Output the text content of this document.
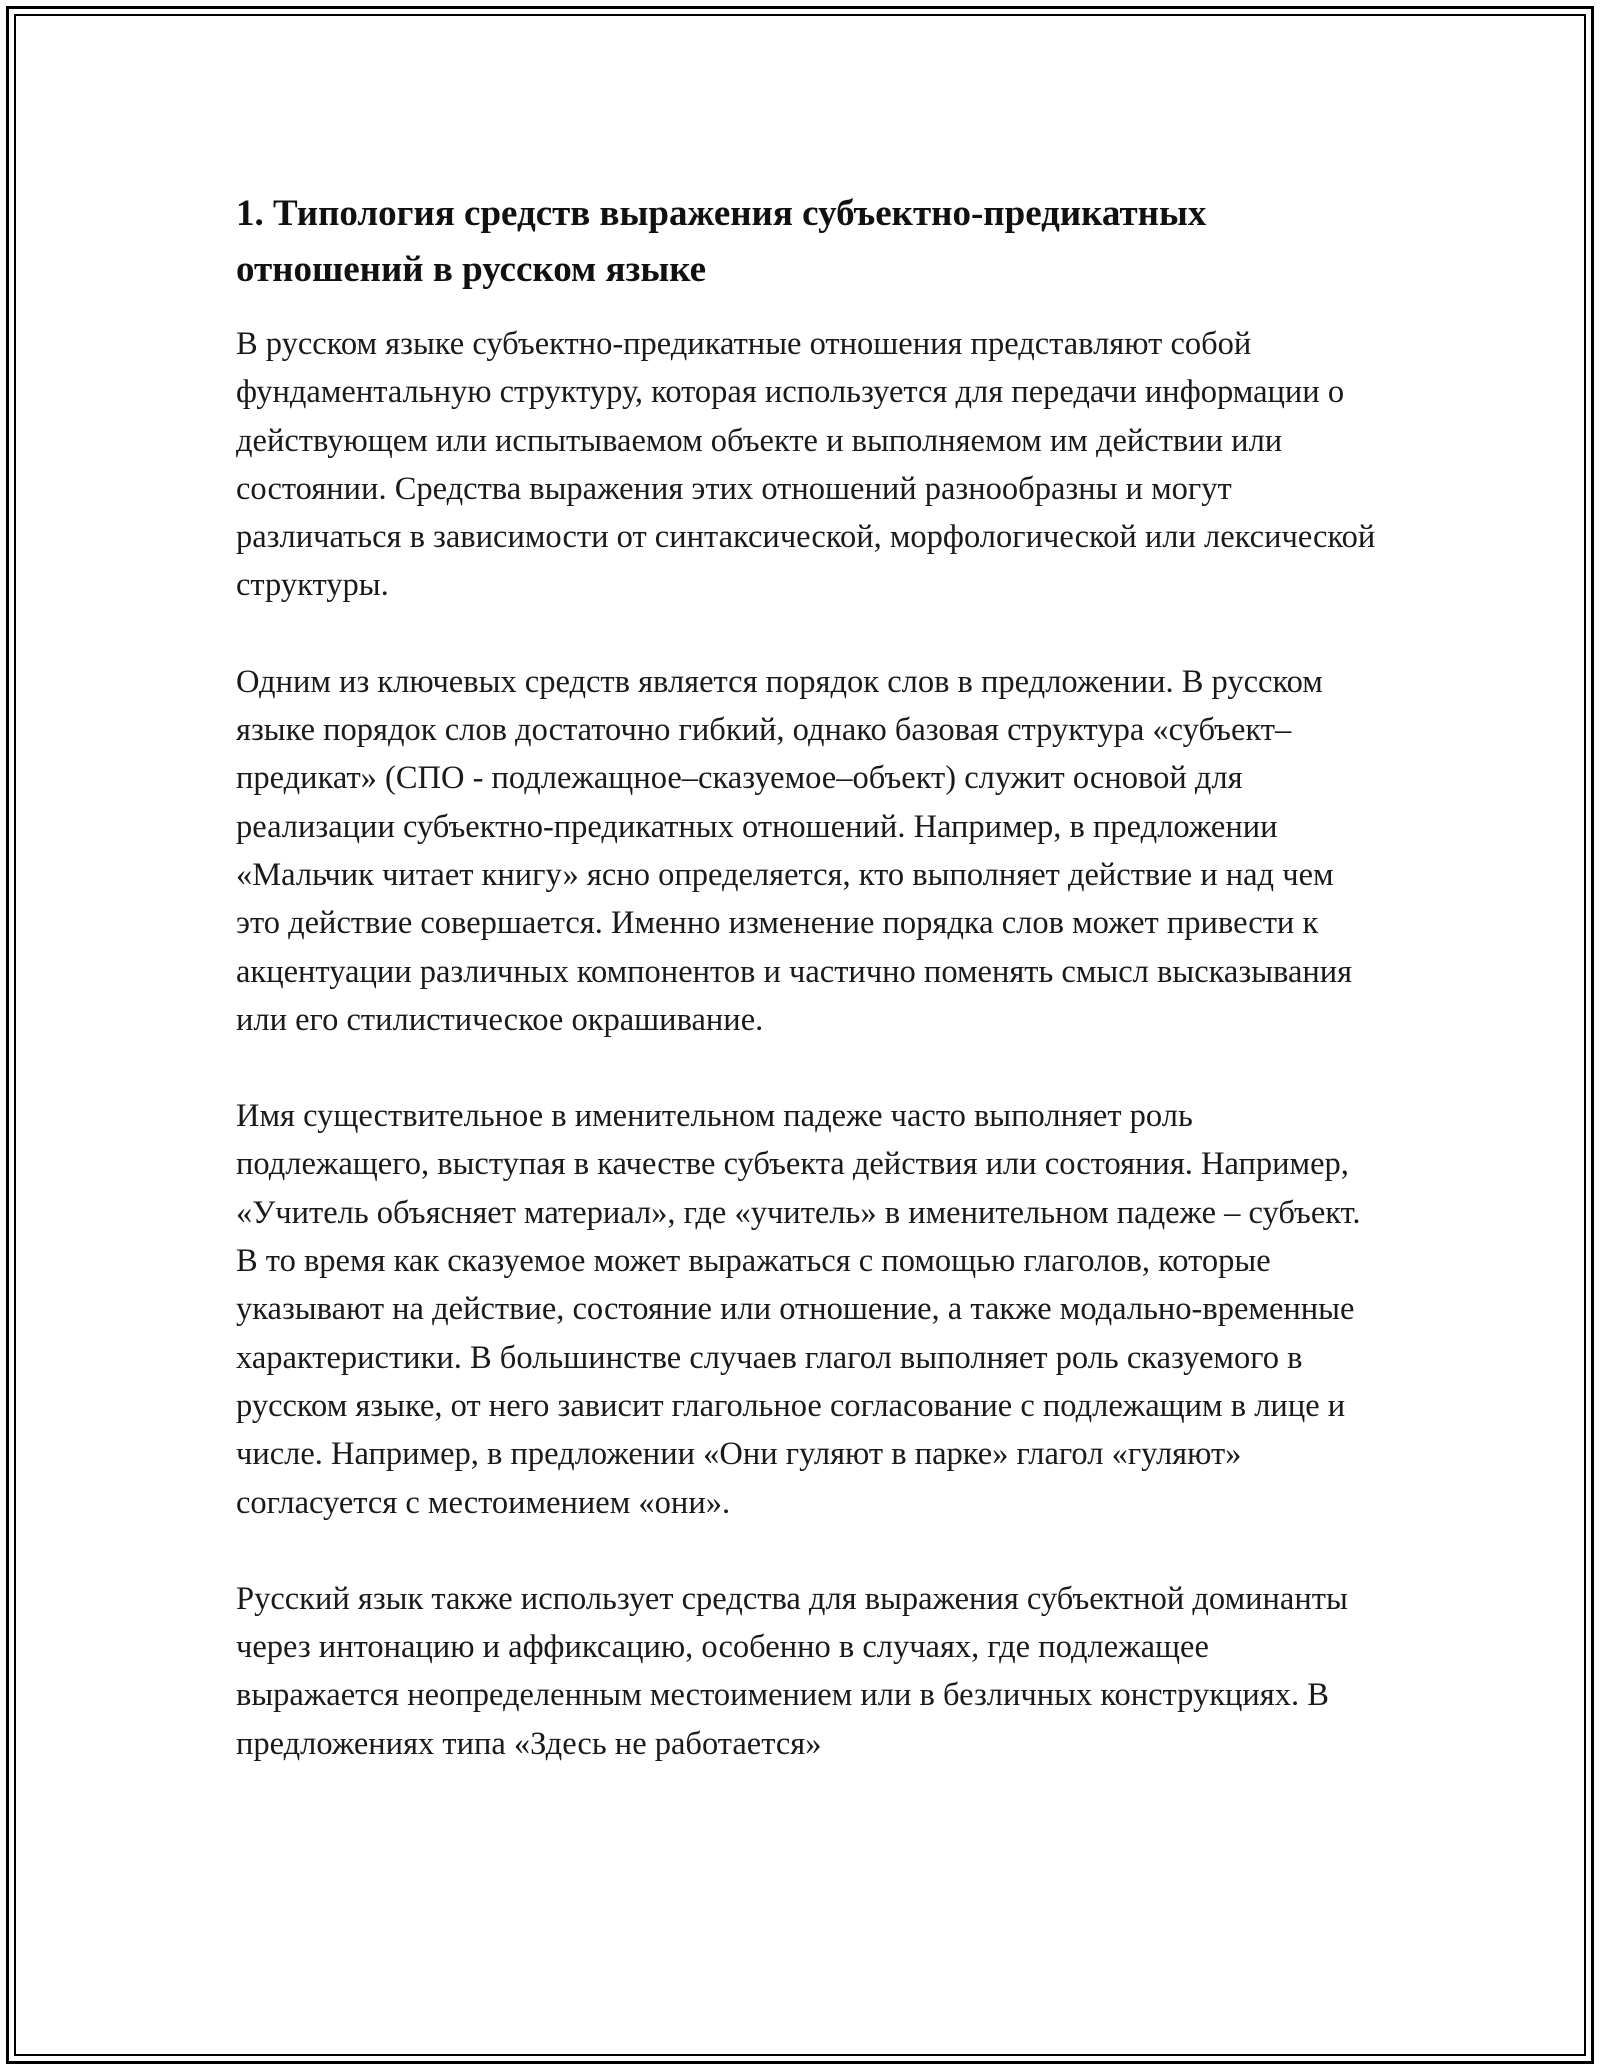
1. Типология средств выражения субъектно-предикатных отношений в русском языке

В русском языке субъектно-предикатные отношения представляют собой фундаментальную структуру, которая используется для передачи информации о действующем или испытываемом объекте и выполняемом им действии или состоянии. Средства выражения этих отношений разнообразны и могут различаться в зависимости от синтаксической, морфологической или лексической структуры.

Одним из ключевых средств является порядок слов в предложении. В русском языке порядок слов достаточно гибкий, однако базовая структура «субъект–предикат» (СПО - подлежащное–сказуемое–объект) служит основой для реализации субъектно-предикатных отношений. Например, в предложении «Мальчик читает книгу» ясно определяется, кто выполняет действие и над чем это действие совершается. Именно изменение порядка слов может привести к акцентуации различных компонентов и частично поменять смысл высказывания или его стилистическое окрашивание.

Имя существительное в именительном падеже часто выполняет роль подлежащего, выступая в качестве субъекта действия или состояния. Например, «Учитель объясняет материал», где «учитель» в именительном падеже – субъект. В то время как сказуемое может выражаться с помощью глаголов, которые указывают на действие, состояние или отношение, а также модально-временные характеристики. В большинстве случаев глагол выполняет роль сказуемого в русском языке, от него зависит глагольное согласование с подлежащим в лице и числе. Например, в предложении «Они гуляют в парке» глагол «гуляют» согласуется с местоимением «они».

Русский язык также использует средства для выражения субъектной доминанты через интонацию и аффиксацию, особенно в случаях, где подлежащее выражается неопределенным местоимением или в безличных конструкциях. В предложениях типа «Здесь не работается»
